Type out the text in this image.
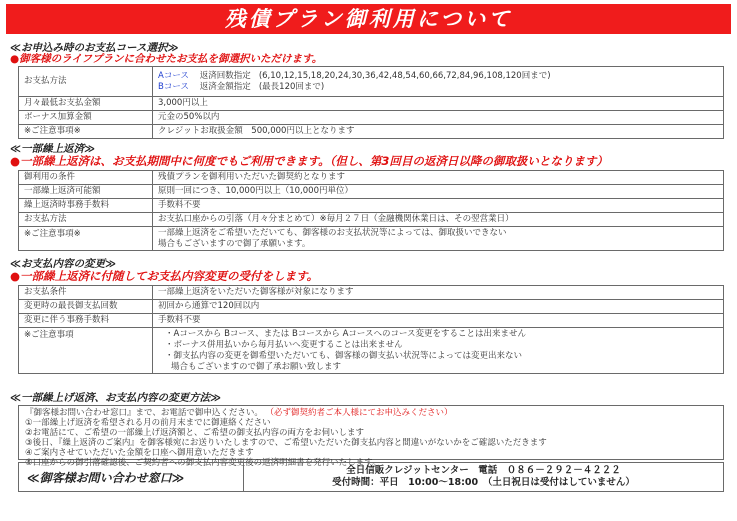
残債プラン御利用について
≪お申込み時のお支払コース選択≫
●御客様のライフプランに合わせたお支払を御選択いただけます。
お支払方法	Aコース 返済回数指定 (6,10,12,15,18,20,24,30,36,42,48,54,60,66,72,84,96,108,120回まで)
Bコース 返済金額指定 (最長120回まで)

月々最低お支払金額	3,000円以上
ボーナス加算金額	元金の50%以内
※ご注意事項※	クレジットお取扱金額　500,000円以上となります
≪一部繰上返済≫
●一部繰上返済は、お支払期間中に何度でもご利用できます。（但し、第3回目の返済日以降の御取扱いとなります）
御利用の条件	残債プランを御利用いただいた御契約となります
一部繰上返済可能額	原則一回につき、10,000円以上（10,000円単位）
繰上返済時事務手数料	手数料不要
お支払方法	お支払口座からの引落（月々分まとめて）※毎月２７日（金融機関休業日は、その翌営業日）
※ご注意事項※	一部繰上返済をご希望いただいても、御客様のお支払状況等によっては、御取扱いできない
場合もございますので御了承願います。
≪お支払内容の変更≫
●一部繰上返済に付随してお支払内容変更の受付をします。
お支払条件	一部繰上返済をいただいた御客様が対象になります
変更時の最長御支払回数	初回から通算で120回以内
変更に伴う事務手数料	手数料不要
※ご注意事項	・Aコースから Bコース、または Bコースから Aコースへのコース変更をすることは出来ません
・ボーナス併用払いから毎月払いへ変更することは出来ません
・御支払内容の変更を御希望いただいても、御客様の御支払い状況等によっては変更出来ない
場合もございますので御了承お願い致します
≪一部繰上げ返済、お支払内容の変更方法≫
『御客様お問い合わせ窓口』まで、お電話で御申込ください。 （必ず御契約者ご本人様にてお申込みください）
①一部繰上げ返済を希望される月の前月末までに御連絡ください
②お電話にて、ご希望の一部繰上げ返済額と、ご希望の御支払内容の両方をお伺いします
③後日、『繰上返済のご案内』を御客様宛にお送りいたしますので、ご希望いただいた御支払内容と間違いがないかをご確認いただきます
④ご案内させていただいた金額を口座へ御用意いただきます
⑤口座からの御引落確認後、ご契約者への御支払内容変更後の返済明細書を発行いたします。
≪御客様お問い合わせ窓口≫	全日信販クレジットセンター　電話　０８６－２９２－４２２２
受付時間：平日　10:00～18:00　（土日祝日は受付はしていません）
